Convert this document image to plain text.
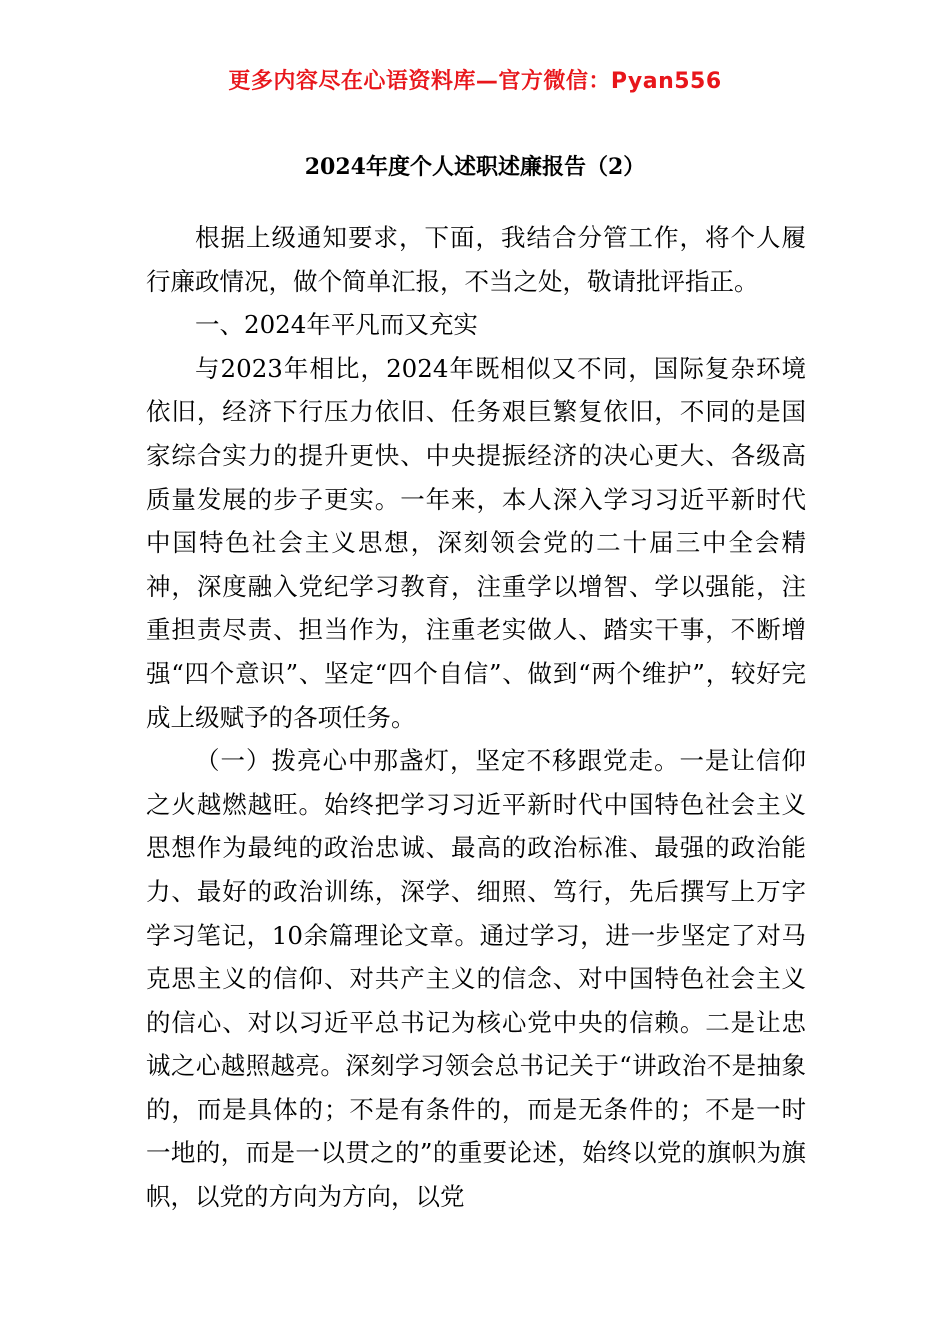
更多内容尽在心语资料库—官方微信：Pyan556
2024年度个人述职述廉报告（2）

根据上级通知要求，下面，我结合分管工作，将个人履行廉政情况，做个简单汇报，不当之处，敬请批评指正。

一、2024年平凡而又充实

与2023年相比，2024年既相似又不同，国际复杂环境依旧，经济下行压力依旧、任务艰巨繁复依旧，不同的是国家综合实力的提升更快、中央提振经济的决心更大、各级高质量发展的步子更实。一年来，本人深入学习习近平新时代中国特色社会主义思想，深刻领会党的二十届三中全会精神，深度融入党纪学习教育，注重学以增智、学以强能，注重担责尽责、担当作为，注重老实做人、踏实干事，不断增强“四个意识”、坚定“四个自信”、做到“两个维护”，较好完成上级赋予的各项任务。

（一）拨亮心中那盏灯，坚定不移跟党走。一是让信仰之火越燃越旺。始终把学习习近平新时代中国特色社会主义思想作为最纯的政治忠诚、最高的政治标准、最强的政治能力、最好的政治训练，深学、细照、笃行，先后撰写上万字学习笔记，10余篇理论文章。通过学习，进一步坚定了对马克思主义的信仰、对共产主义的信念、对中国特色社会主义的信心、对以习近平总书记为核心党中央的信赖。二是让忠诚之心越照越亮。深刻学习领会总书记关于“讲政治不是抽象的，而是具体的；不是有条件的，而是无条件的；不是一时一地的，而是一以贯之的”的重要论述，始终以党的旗帜为旗帜，以党的方向为方向，以党
